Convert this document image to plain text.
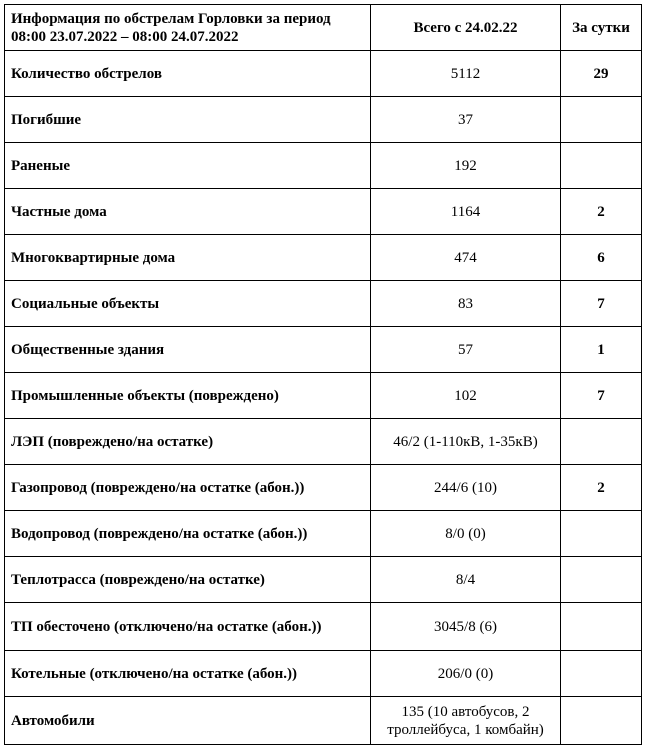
Информация по обстрелам Горловки за период 08:00 23.07.2022 – 08:00 24.07.2022	Всего с 24.02.22	За сутки
Количество обстрелов	5112	29
Погибшие	37	
Раненые	192	
Частные дома	1164	2
Многоквартирные дома	474	6
Социальные объекты	83	7
Общественные здания	57	1
Промышленные объекты (повреждено)	102	7
ЛЭП (повреждено/на остатке)	46/2 (1-110кВ, 1-35кВ)	
Газопровод (повреждено/на остатке (абон.))	244/6 (10)	2
Водопровод (повреждено/на остатке (абон.))	8/0 (0)	
Теплотрасса (повреждено/на остатке)	8/4	
ТП обесточено (отключено/на остатке (абон.))	3045/8 (6)	
Котельные (отключено/на остатке (абон.))	206/0 (0)	
Автомобили	135 (10 автобусов, 2 троллейбуса, 1 комбайн)	
